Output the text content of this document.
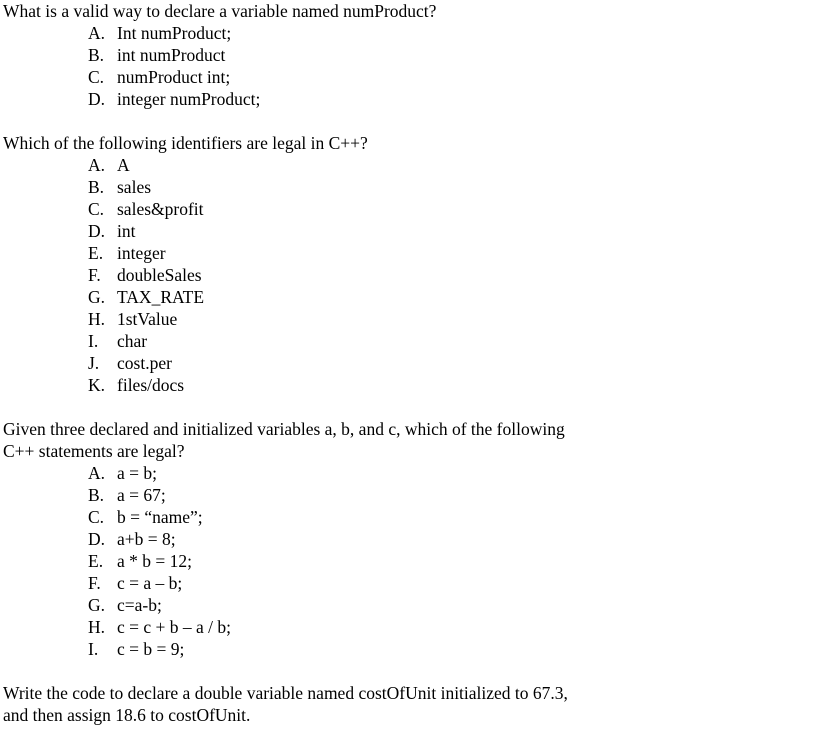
What is a valid way to declare a variable named numProduct?
A. Int numProduct;
B. int numProduct
C. numProduct int;
D. integer numProduct;
Which of the following identifiers are legal in C++?
A. A
B. sales
C. sales&profit
D. int
E. integer
F. doubleSales
G. TAX_RATE
H. 1stValue
I. char
J. cost.per
K. files/docs
Given three declared and initialized variables a, b, and c, which of the following
C++ statements are legal?
A. a = b;
B. a = 67;
C. b = “name”;
D. a+b = 8;
E. a * b = 12;
F. c = a – b;
G. c=a-b;
H. c = c + b – a / b;
I. c = b = 9;
Write the code to declare a double variable named costOfUnit initialized to 67.3,
and then assign 18.6 to costOfUnit.
